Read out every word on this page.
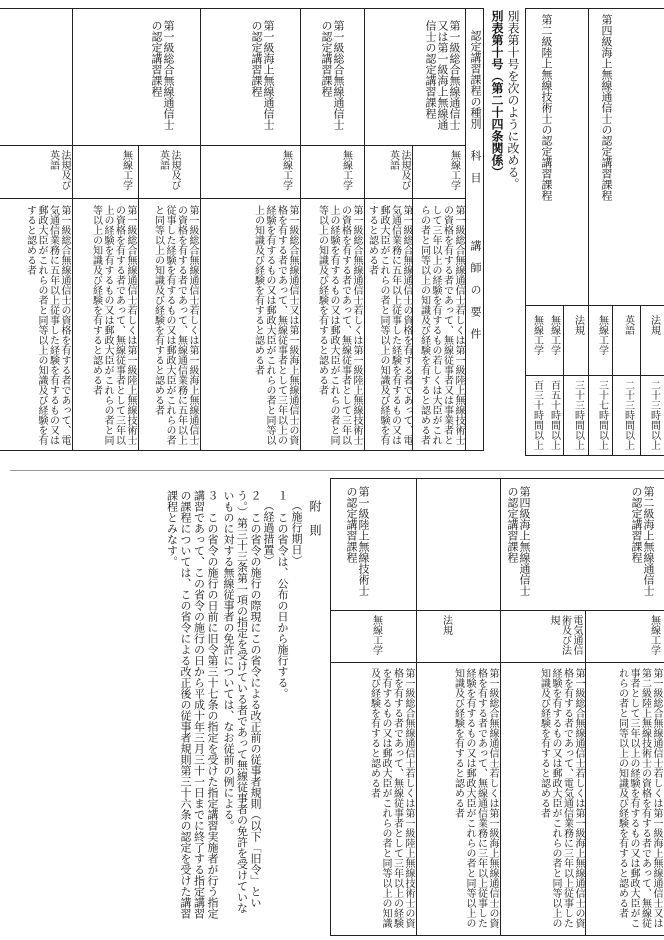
第四級海上無線通信士の認定講習課程
第二級陸上無線技術士の認定講習課程
法規
二十三時間以上
英語
二十三時間以上
無線工学
三十七時間以上
法規
三十三時間以上
無線工学
百五十時間以上
無線工学
百三十時間以上
別表第十号を次のように改める。
別表第十号（第二十四条関係）
認定講習課程の種別
科　目
講　師　の　要　件
第一級総合無線通信士又は第一級海上無線通信士の認定講習課程
無線工学
第一級総合無線通信士若しくは第一級陸上無線技術士の資格を有する者であって、無線従事者又は事業者として三年以上の経験を有するもの若しくは大臣がこれらの者と同等以上の知識及び経験を有すると認める者
法規及び英語
第一級総合無線通信士の資格を有する者であって、電気通信業務に五年以上従事した経験を有するもの又は郵政大臣がこれらの者と同等以上の知識及び経験を有すると認める者
第一級総合無線通信士の認定講習課程
無線工学
第一級総合無線通信士若しくは第一級陸上無線技術士の資格を有する者であって、無線従事者として三年以上の経験を有するもの又は郵政大臣がこれらの者と同等以上の知識及び経験を有すると認める者
第一級海上無線通信士の認定講習課程
無線工学
第一級総合無線通信士又は第一級海上無線通信士の資格を有する者であって、無線従事者として三年以上の経験を有するもの又は郵政大臣がこれらの者と同等以上の知識及び経験を有すると認める者
法規及び英語
第一級総合無線通信士若しくは第一級海上無線通信士の資格を有する者であって、無線通信業務に五年以上従事した経験を有するもの又は郵政大臣がこれらの者と同等以上の知識及び経験を有すると認める者
第一級総合無線通信士の認定講習課程
無線工学
第一級総合無線通信士若しくは第一級陸上無線技術士の資格を有する者であって、無線従事者として三年以上の経験を有するもの又は郵政大臣がこれらの者と同等以上の知識及び経験を有すると認める者
法規及び英語
第一級総合無線通信士の資格を有する者であって、電気通信業務に五年以上従事した経験を有するもの又は郵政大臣がこれらの者と同等以上の知識及び経験を有すると認める者
第二級海上無線通信士の認定講習課程
無線工学
第一級総合無線通信士若しくは第一級海上無線通信士又は第二級陸上無線技術士の資格を有する者であって、無線従事者として三年以上の経験を有するもの又は郵政大臣がこれらの者と同等以上の知識及び経験を有すると認める者
電気通信術及び法規
第一級総合無線通信士若しくは第一級海上無線通信士の資格を有する者であって、電気通信業務に三年以上従事した経験を有するもの又は郵政大臣がこれらの者と同等以上の知識及び経験を有すると認める者
第四級海上無線通信士の認定講習課程
法規
第一級総合無線通信士若しくは第一級海上無線通信士の資格を有する者であって、無線通信業務に三年以上従事した経験を有するもの又は郵政大臣がこれらの者と同等以上の知識及び経験を有すると認める者
第一級陸上無線技術士の認定講習課程
無線工学
第一級総合無線通信士若しくは第一級陸上無線技術士の資格を有する者であって、無線従事者として三年以上の経験を有するもの又は郵政大臣がこれらの者と同等以上の知識及び経験を有すると認める者
附　則
（施行期日）
１　この省令は、公布の日から施行する。
（経過措置）
２　この省令の施行の際現にこの省令による改正前の従事者規則（以下「旧令」という。）第三十三条第一項の指定を受けている者であって無線従事者の免許を受けていないものに対する無線従事者の免許については、なお従前の例による。
３　この省令の施行の日前に旧令第三十七条の指定を受けた指定講習実施者が行う指定講習であって、この省令の施行の日から平成十年三月三十一日までに終了する指定講習の課程については、この省令による改正後の従事者規則第三十六条の認定を受けた講習課程とみなす。
